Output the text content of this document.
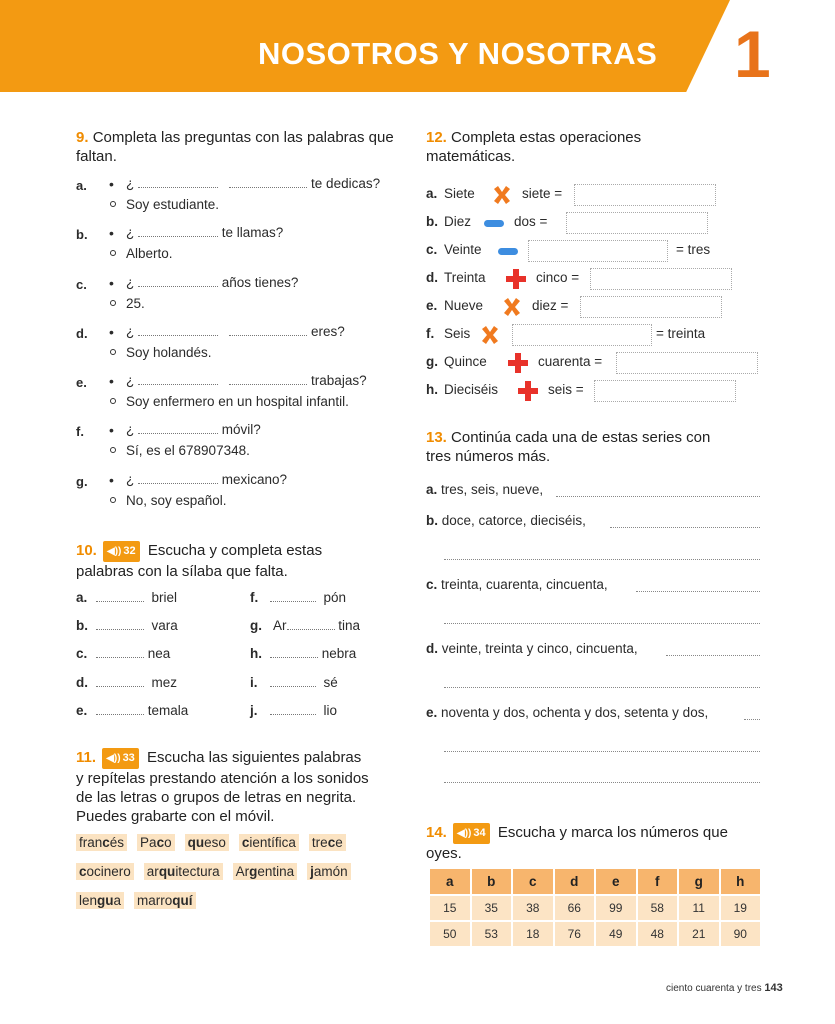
NOSOTROS Y NOSOTRAS 1
9. Completa las preguntas con las palabras que faltan.
a. • ¿	te dedicas?
Soy estudiante.
b. • ¿	te llamas?
Alberto.
c. • ¿	años tienes?
25.
d. • ¿	eres?
Soy holandés.
e. • ¿	trabajas?
Soy enfermero en un hospital infantil.
f. • ¿	móvil?
Sí, es el 678907348.
g. • ¿	mexicano?
No, soy español.
10. ◀)) 32 Escucha y completa estas
palabras con la sílaba que falta.
a.	briel
b.	vara
c.	nea
d.	mez
e.	temala
f.	pón
g. Ar	tina
h.	nebra
i.	sé
j.	lio
11. ◀)) 33 Escucha las siguientes palabras
y repítelas prestando atención a los sonidos
de las letras o grupos de letras en negrita.
Puedes grabarte con el móvil.
francés Paco queso científica trece
cocinero arquitectura Argentina jamón
lengua marroquí
12. Completa estas operaciones
matemáticas.
a. Siete	siete =
b. Diez	dos =
c. Veinte	= tres
d. Treinta	cinco =
e. Nueve	diez =
f. Seis	= treinta
g. Quince	cuarenta =
h. Dieciséis	seis =
13. Continúa cada una de estas series con
tres números más.
a. tres, seis, nueve,
b. doce, catorce, dieciséis,
c. treinta, cuarenta, cincuenta,
d. veinte, treinta y cinco, cincuenta,
e. noventa y dos, ochenta y dos, setenta y dos,
14. ◀)) 34 Escucha y marca los números que
oyes.
a	b	c	d	e	f	g	h
15	35	38	66	99	58	11	19
50	53	18	76	49	48	21	90
ciento cuarenta y tres 143
